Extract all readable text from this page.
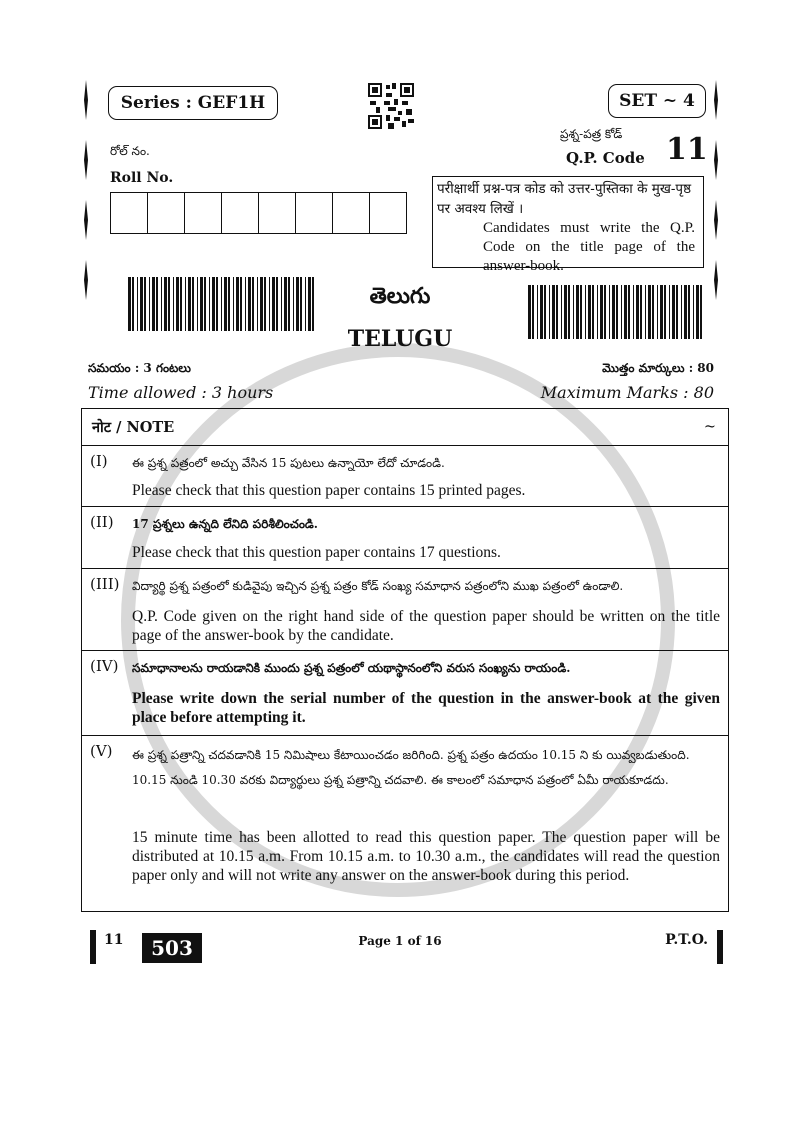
Series : GEF1H	SET ~ 4
రోల్ నం.
Roll No.
ప్రశ్న-పత్ర కోడ్
Q.P. Code 11
परीक्षार्थी प्रश्न-पत्र कोड को उत्तर-पुस्तिका के मुख-पृष्ठ पर अवश्य लिखें ।
Candidates must write the Q.P. Code on the title page of the answer-book.
తెలుగు
TELUGU
సమయం : 3 గంటలు	మొత్తం మార్కులు : 80
Time allowed : 3 hours	Maximum Marks : 80
नोट / NOTE	~
(I) ఈ ప్రశ్న పత్రంలో అచ్చు వేసిన 15 పుటలు ఉన్నాయో లేదో చూడండి.
Please check that this question paper contains 15 printed pages.
(II) 17 ప్రశ్నలు ఉన్నది లేనిది పరిశీలించండి.
Please check that this question paper contains 17 questions.
(III) విద్యార్థి ప్రశ్న పత్రంలో కుడివైపు ఇచ్చిన ప్రశ్న పత్రం కోడ్ సంఖ్య సమాధాన పత్రంలోని ముఖ పత్రంలో ఉండాలి.
Q.P. Code given on the right hand side of the question paper should be written on the title page of the answer-book by the candidate.
(IV) సమాధానాలను రాయడానికి ముందు ప్రశ్న పత్రంలో యథాస్థానంలోని వరుస సంఖ్యను రాయండి.
Please write down the serial number of the question in the answer-book at the given place before attempting it.
(V) ఈ ప్రశ్న పత్రాన్ని చదవడానికి 15 నిమిషాలు కేటాయించడం జరిగింది. ప్రశ్న పత్రం ఉదయం 10.15 ని కు యివ్వబడుతుంది. 10.15 నుండి 10.30 వరకు విద్యార్థులు ప్రశ్న పత్రాన్ని చదవాలి. ఈ కాలంలో సమాధాన పత్రంలో ఏమీ రాయకూడదు.
15 minute time has been allotted to read this question paper. The question paper will be distributed at 10.15 a.m. From 10.15 a.m. to 10.30 a.m., the candidates will read the question paper only and will not write any answer on the answer-book during this period.
11	503	Page 1 of 16	P.T.O.
